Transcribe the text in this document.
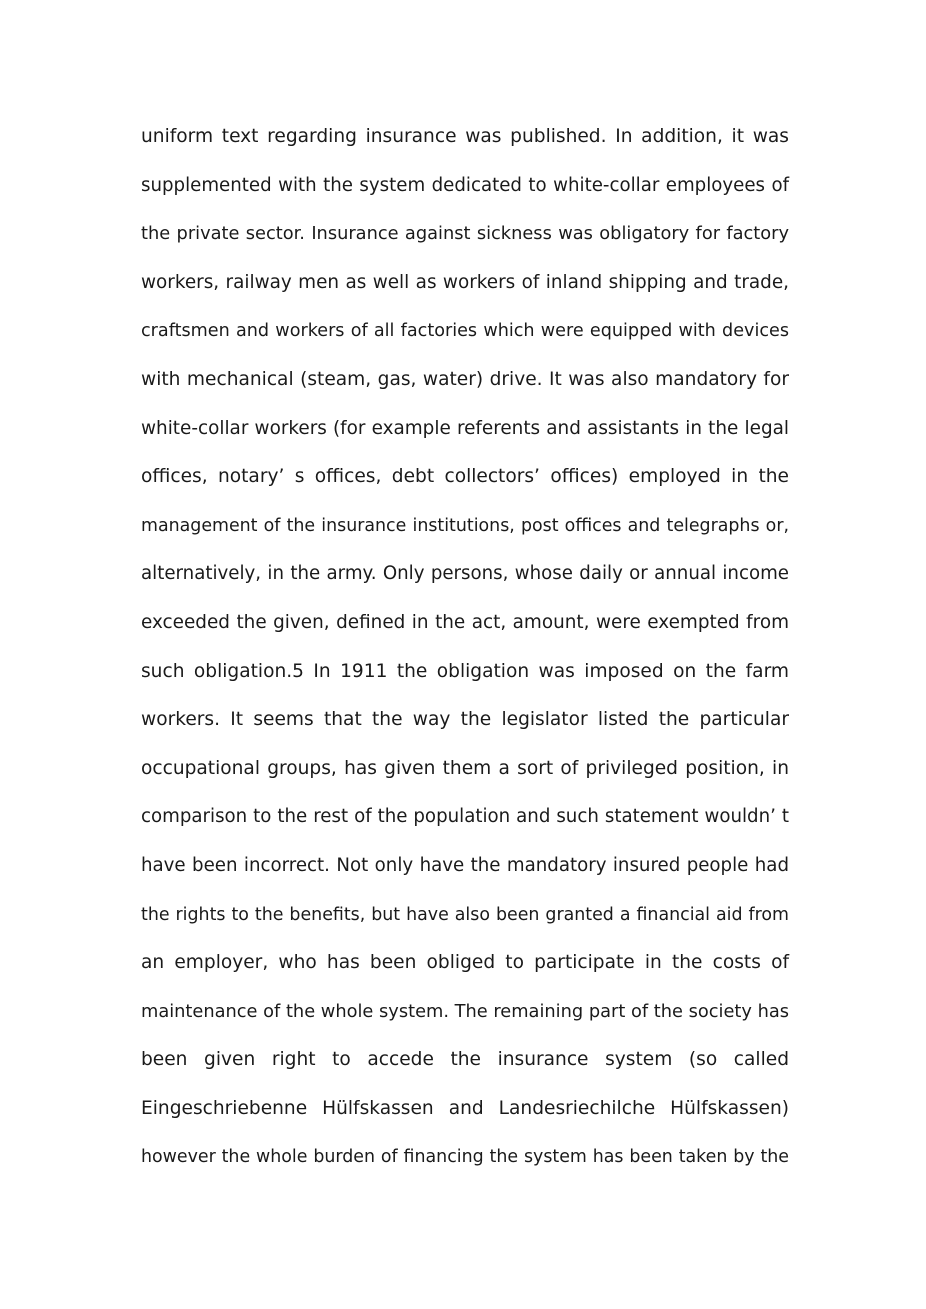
uniform text regarding insurance was published. In addition, it was
supplemented with the system dedicated to white-collar employees of
the private sector. Insurance against sickness was obligatory for factory
workers, railway men as well as workers of inland shipping and trade,
craftsmen and workers of all factories which were equipped with devices
with mechanical (steam, gas, water) drive. It was also mandatory for
white-collar workers (for example referents and assistants in the legal
offices, notary’ s offices, debt collectors’ offices) employed in the
management of the insurance institutions, post offices and telegraphs or,
alternatively, in the army. Only persons, whose daily or annual income
exceeded the given, defined in the act, amount, were exempted from
such obligation.5 In 1911 the obligation was imposed on the farm
workers. It seems that the way the legislator listed the particular
occupational groups, has given them a sort of privileged position, in
comparison to the rest of the population and such statement wouldn’ t
have been incorrect. Not only have the mandatory insured people had
the rights to the benefits, but have also been granted a financial aid from
an employer, who has been obliged to participate in the costs of
maintenance of the whole system. The remaining part of the society has
been given right to accede the insurance system (so called
Eingeschriebenne Hülfskassen and Landesriechilche Hülfskassen)
however the whole burden of financing the system has been taken by the
